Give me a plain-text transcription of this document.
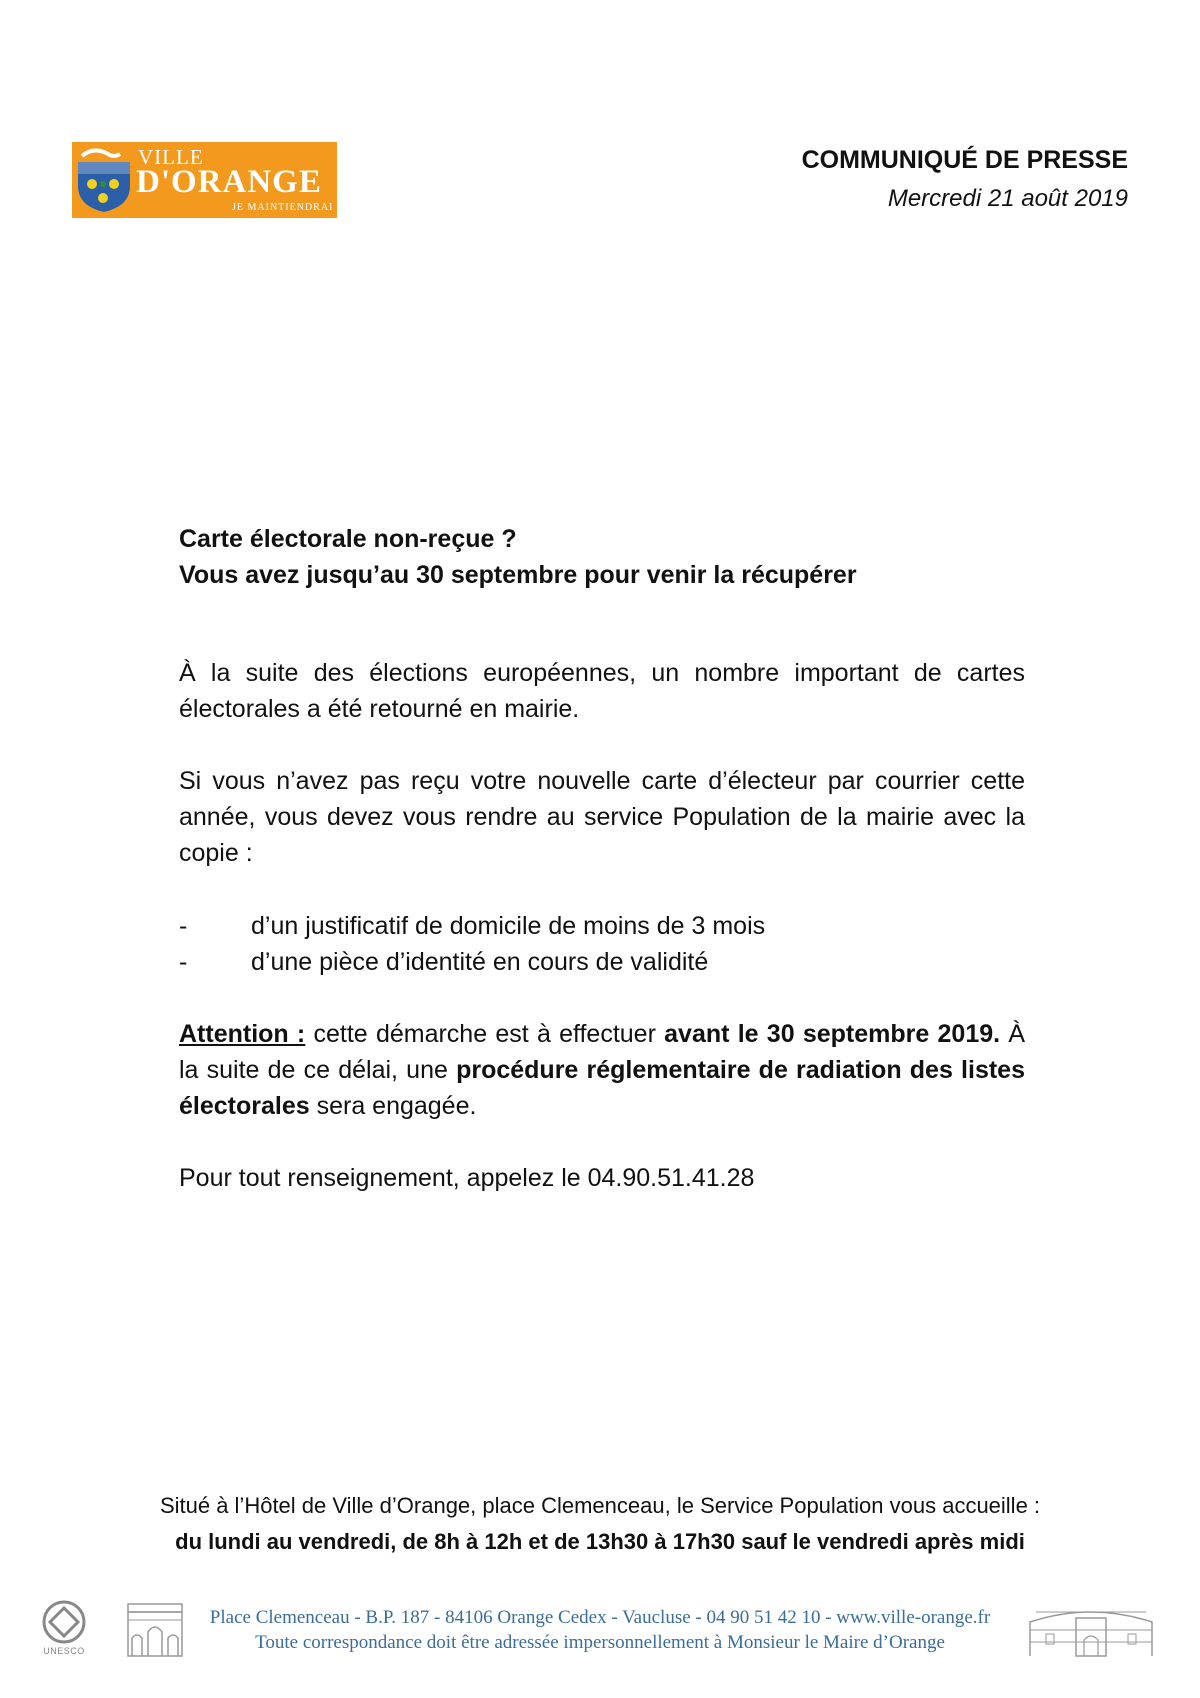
VILLE
D'ORANGE
JE MAINTIENDRAI
COMMUNIQUÉ DE PRESSE
Mercredi 21 août 2019

Carte électorale non-reçue ?

Vous avez jusqu’au 30 septembre pour venir la récupérer

À la suite des élections européennes, un nombre important de cartes électorales a été retourné en mairie.

Si vous n’avez pas reçu votre nouvelle carte d’électeur par courrier cette année, vous devez vous rendre au service Population de la mairie avec la copie :

-	d’un justificatif de domicile de moins de 3 mois
-	d’une pièce d’identité en cours de validité

Attention : cette démarche est à effectuer avant le 30 septembre 2019. À la suite de ce délai, une procédure réglementaire de radiation des listes électorales sera engagée.

Pour tout renseignement, appelez le 04.90.51.41.28

Situé à l’Hôtel de Ville d’Orange, place Clemenceau, le Service Population vous accueille :
du lundi au vendredi, de 8h à 12h et de 13h30 à 17h30 sauf le vendredi après midi
UNESCO
Place Clemenceau - B.P. 187 - 84106 Orange Cedex - Vaucluse - 04 90 51 42 10 - www.ville-orange.fr
Toute correspondance doit être adressée impersonnellement à Monsieur le Maire d’Orange
